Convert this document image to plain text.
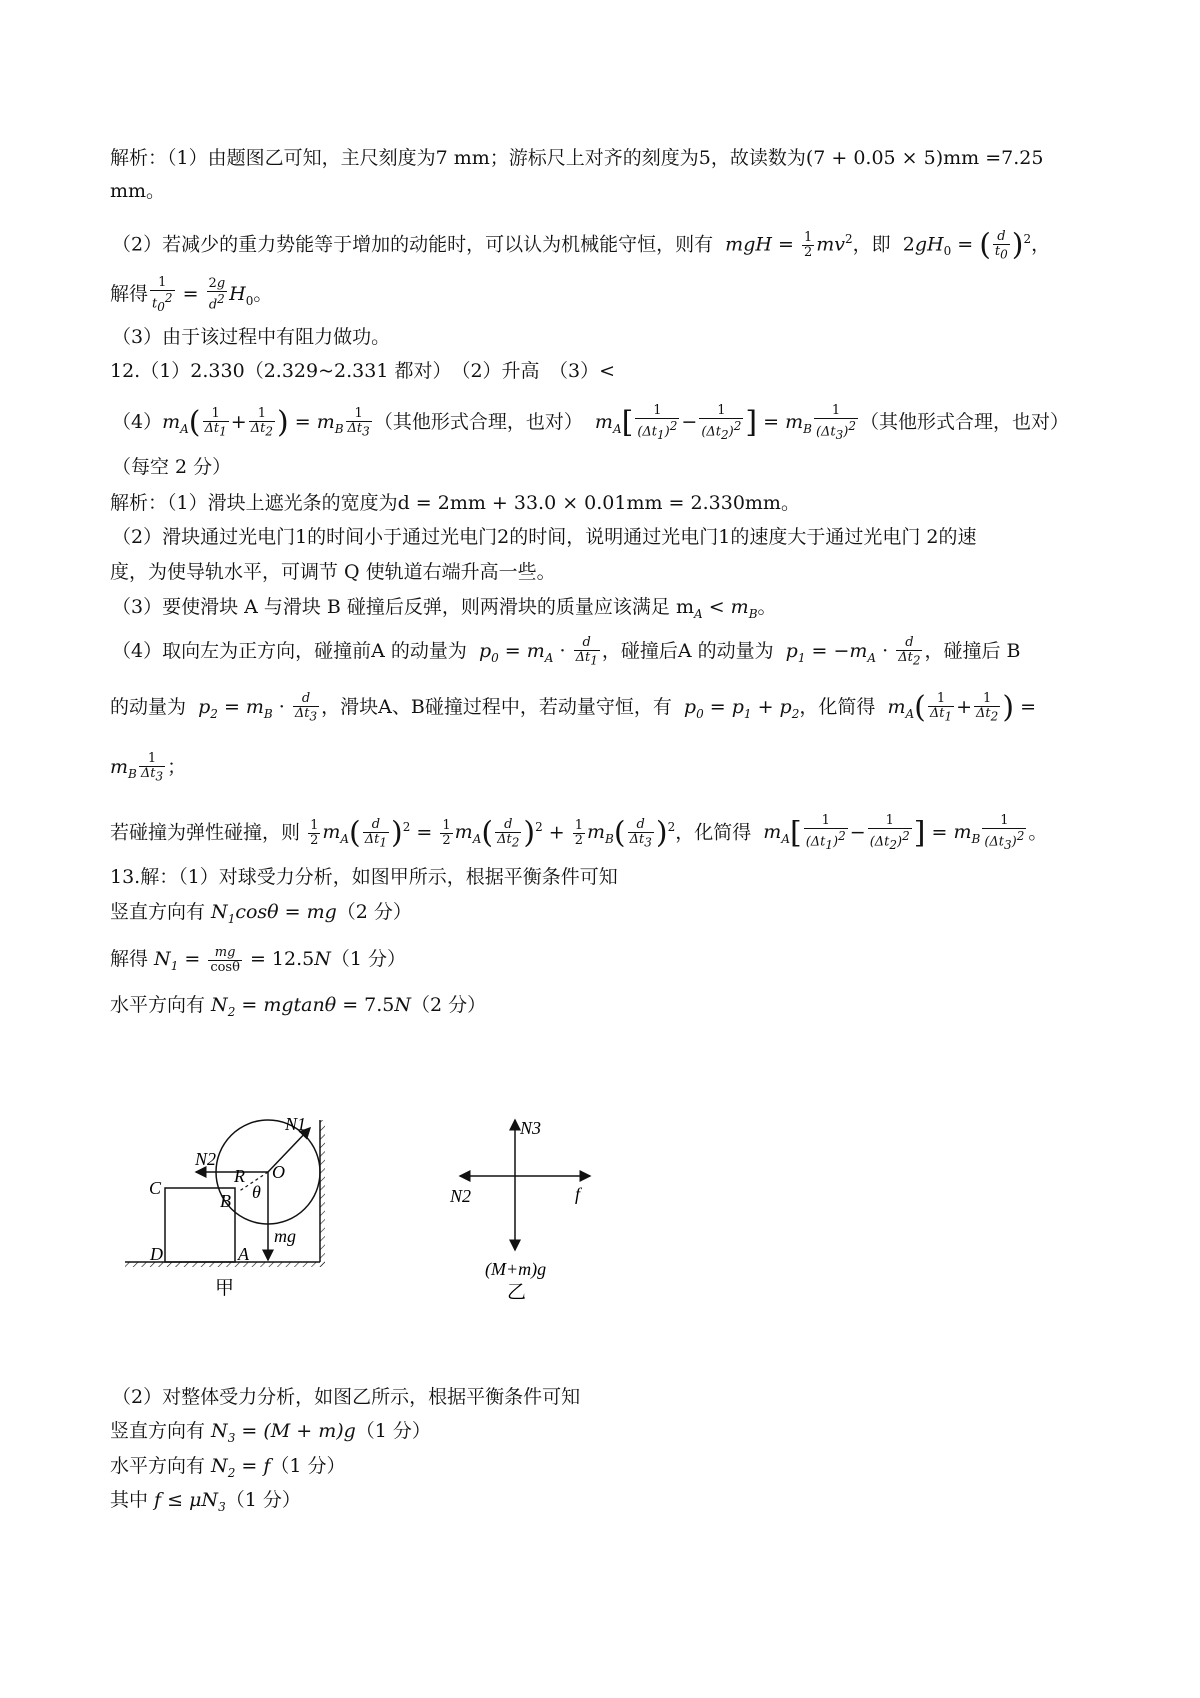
解析：（1）由题图乙可知，主尺刻度为7 mm；游标尺上对齐的刻度为5，故读数为(7 + 0.05 × 5)mm =7.25
mm。
（2）若减少的重力势能等于增加的动能时，可以认为机械能守恒，则有  mgH = $\frac{1}{2} mv^2$，即  $2gH_0$ = ( $\frac{d}{t_0} )^2$，
解得 $\frac{1}{t_0^2} = \frac{2g}{d^2} H_0$。
（3）由于该过程中有阻力做功。
12.（1）2.330（2.329~2.331 都对）　（2）升高　（3）<
$(4)m_A( \frac{1}{\Delta t_1} + \frac{1}{\Delta t_2}$ ) = $m_B \frac{1}{\Delta t_3}$ （其他形式合理，也对） $m_A[ \frac{1}{(\Delta t_1)^2} - \frac{1}{(\Delta t_2)^2}$ ] = $m_B \frac{1}{(\Delta t_3)^2}$ （其他形式合理，也对）
（每空 2 分）
解析：（1）滑块上遮光条的宽度为d = 2mm + 33.0 × 0.01mm = 2.330mm。
（2）滑块通过光电门1的时间小于通过光电门2的时间，说明通过光电门1的速度大于通过光电门 2的速
度，为使导轨水平，可调节 Q 使轨道右端升高一些。
（3）要使滑块 A 与滑块 B 碰撞后反弹，则两滑块的质量应该满足 $m_A < m_B$。
（4）取向左为正方向，碰撞前A 的动量为  $p_0 = m_A \cdot \frac{d}{\Delta t_1}$ ，碰撞后A 的动量为  $p_1 = -m_A \cdot \frac{d}{\Delta t_2}$ ，碰撞后 B
的动量为  $p_2 = m_B \cdot \frac{d}{\Delta t_3}$ ，滑块A、B碰撞过程中，若动量守恒，有  $p_0 = p_1 + p_2$，化简得  $m_A( \frac{1}{\Delta t_1} + \frac{1}{\Delta t_2}$ ) =
$m_B \frac{1}{\Delta t_3}$ ；
若碰撞为弹性碰撞，则 $\frac{1}{2} m_A( \frac{d}{\Delta t_1} )^2 = \frac{1}{2} m_A( \frac{d}{\Delta t_2} )^2 + \frac{1}{2} m_B( \frac{d}{\Delta t_3} )^2$，化简得  $m_A[ \frac{1}{(\Delta t_1)^2} - \frac{1}{(\Delta t_2)^2}$ ] = $m_B \frac{1}{(\Delta t_3)^2}$ 。
13.解：（1）对球受力分析，如图甲所示，根据平衡条件可知
竖直方向有 $N_1\cos\theta = mg(2$ 分）
解得 $N_1 = \frac{mg}{\cos\theta} = 12.5N(1$ 分）
水平方向有 $N_2 = mgtan\theta = 7.5N(2$ 分）
N1
N2
O
R
θ
C
B
mg
D	A
甲
N3
N2	f
(M+m)g
乙
（2）对整体受力分析，如图乙所示，根据平衡条件可知
竖直方向有 $N_3 = (M + m)g(1$ 分）
水平方向有 $N_2 = f(1$ 分）
其中 $f \le \mu N_3(1$ 分）
